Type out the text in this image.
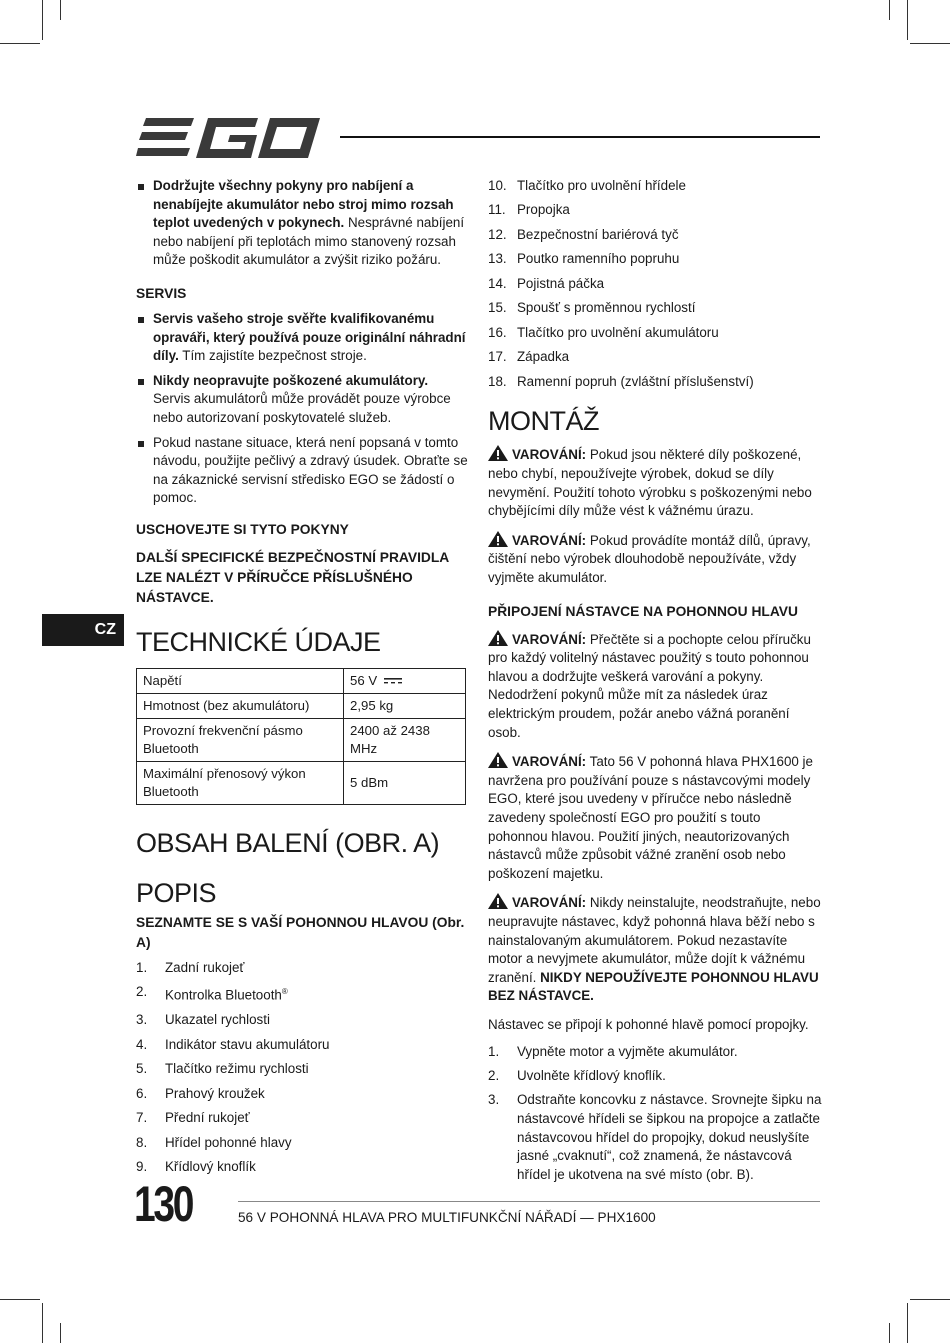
CZ
Dodržujte všechny pokyny pro nabíjení a nenabíjejte akumulátor nebo stroj mimo rozsah teplot uvedených v pokynech. Nesprávné nabíjení nebo nabíjení při teplotách mimo stanovený rozsah může poškodit akumulátor a zvýšit riziko požáru.

SERVIS

Servis vašeho stroje svěřte kvalifikovanému opraváři, který používá pouze originální náhradní díly. Tím zajistíte bezpečnost stroje.
Nikdy neopravujte poškozené akumulátory. Servis akumulátorů může provádět pouze výrobce nebo autorizovaní poskytovatelé služeb.
Pokud nastane situace, která není popsaná v tomto návodu, použijte pečlivý a zdravý úsudek. Obraťte se na zákaznické servisní středisko EGO se žádostí o pomoc.

USCHOVEJTE SI TYTO POKYNY

DALŠÍ SPECIFICKÉ BEZPEČNOSTNÍ PRAVIDLA LZE NALÉZT V PŘÍRUČCE PŘÍSLUŠNÉHO NÁSTAVCE.

TECHNICKÉ ÚDAJE
Napětí	56 V
Hmotnost (bez akumulátoru)	2,95 kg
Provozní frekvenční pásmo Bluetooth	2400 až 2438 MHz
Maximální přenosový výkon Bluetooth	5 dBm
OBSAH BALENÍ (OBR. A)
POPIS

SEZNAMTE SE S VAŠÍ POHONNOU HLAVOU (Obr. A)

1.	Zadní rukojeť
2.	Kontrolka Bluetooth®
3.	Ukazatel rychlosti
4.	Indikátor stavu akumulátoru
5.	Tlačítko režimu rychlosti
6.	Prahový kroužek
7.	Přední rukojeť
8.	Hřídel pohonné hlavy
9.	Křídlový knoflík
10. Tlačítko pro uvolnění hřídele
11. Propojka
12. Bezpečnostní bariérová tyč
13. Poutko ramenního popruhu
14. Pojistná páčka
15. Spoušť s proměnnou rychlostí
16. Tlačítko pro uvolnění akumulátoru
17. Západka
18. Ramenní popruh (zvláštní příslušenství)
MONTÁŽ

VAROVÁNÍ: Pokud jsou některé díly poškozené, nebo chybí, nepoužívejte výrobek, dokud se díly nevymění. Použití tohoto výrobku s poškozenými nebo chybějícími díly může vést k vážnému úrazu.

VAROVÁNÍ: Pokud provádíte montáž dílů, úpravy, čištění nebo výrobek dlouhodobě nepoužíváte, vždy vyjměte akumulátor.

PŘIPOJENÍ NÁSTAVCE NA POHONNOU HLAVU

VAROVÁNÍ: Přečtěte si a pochopte celou příručku pro každý volitelný nástavec použitý s touto pohonnou hlavou a dodržujte veškerá varování a pokyny. Nedodržení pokynů může mít za následek úraz elektrickým proudem, požár anebo vážná poranění osob.

VAROVÁNÍ: Tato 56 V pohonná hlava PHX1600 je navržena pro používání pouze s nástavcovými modely EGO, které jsou uvedeny v příručce nebo následně zavedeny společností EGO pro použití s touto pohonnou hlavou. Použití jiných, neautorizovaných nástavců může způsobit vážné zranění osob nebo poškození majetku.

VAROVÁNÍ: Nikdy neinstalujte, neodstraňujte, nebo neupravujte nástavec, když pohonná hlava běží nebo s nainstalovaným akumulátorem. Pokud nezastavíte motor a nevyjmete akumulátor, může dojít k vážnému zranění. NIKDY NEPOUŽÍVEJTE POHONNOU HLAVU BEZ NÁSTAVCE.

Nástavec se připojí k pohonné hlavě pomocí propojky.

1.	Vypněte motor a vyjměte akumulátor.
2.	Uvolněte křídlový knoflík.
3.	Odstraňte koncovku z nástavce. Srovnejte šipku na nástavcové hřídeli se šipkou na propojce a zatlačte nástavcovou hřídel do propojky, dokud neuslyšíte jasné „cvaknutí“, což znamená, že nástavcová hřídel je ukotvena na své místo (obr. B).
130	56 V POHONNÁ HLAVA PRO MULTIFUNKČNÍ NÁŘADÍ — PHX1600
